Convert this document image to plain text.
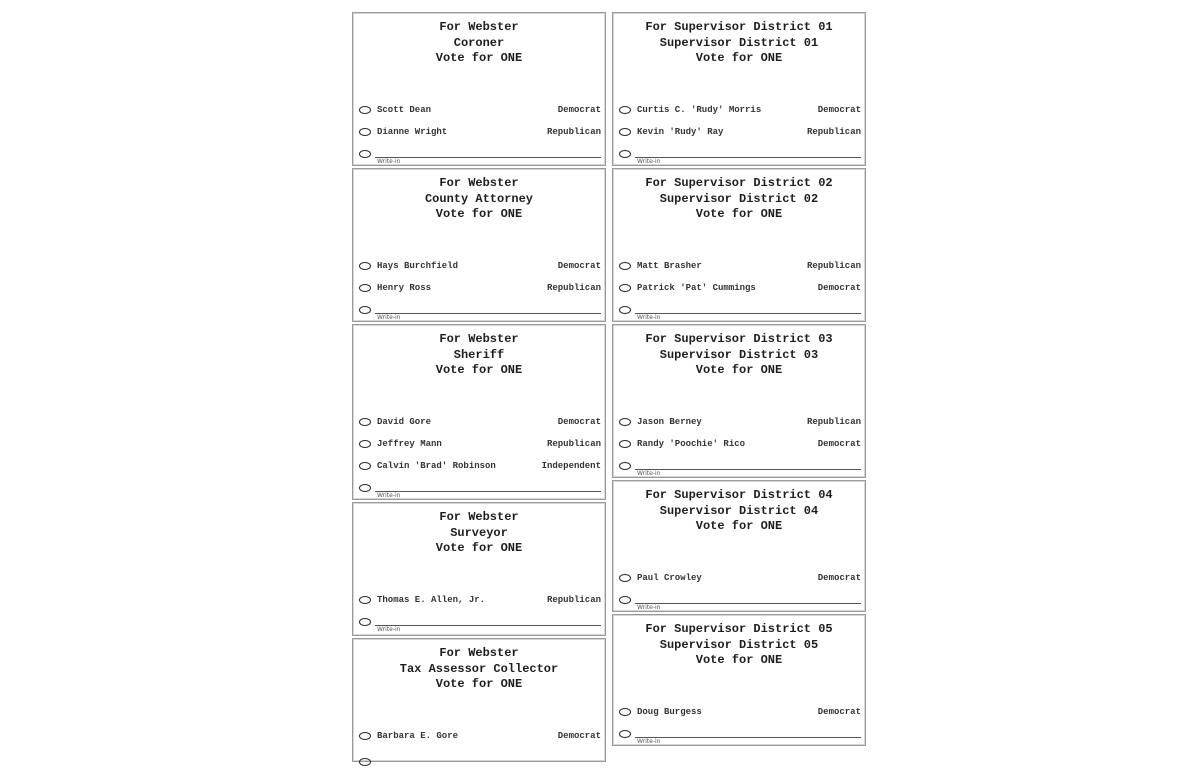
For Webster
Coroner
Vote for ONE
Scott Dean	Democrat
Dianne Wright	Republican
Write-in
For Webster
County Attorney
Vote for ONE
Hays Burchfield	Democrat
Henry Ross	Republican
Write-in
For Webster
Sheriff
Vote for ONE
David Gore	Democrat
Jeffrey Mann	Republican
Calvin 'Brad' Robinson	Independent
Write-in
For Webster
Surveyor
Vote for ONE
Thomas E. Allen, Jr.	Republican
Write-in
For Webster
Tax Assessor Collector
Vote for ONE
Barbara E. Gore	Democrat
For Supervisor District 01
Supervisor District 01
Vote for ONE
Curtis C. 'Rudy' Morris	Democrat
Kevin 'Rudy' Ray	Republican
Write-in
For Supervisor District 02
Supervisor District 02
Vote for ONE
Matt Brasher	Republican
Patrick 'Pat' Cummings	Democrat
Write-in
For Supervisor District 03
Supervisor District 03
Vote for ONE
Jason Berney	Republican
Randy 'Poochie' Rico	Democrat
Write-in
For Supervisor District 04
Supervisor District 04
Vote for ONE
Paul Crowley	Democrat
Write-in
For Supervisor District 05
Supervisor District 05
Vote for ONE
Doug Burgess	Democrat
Write-in
